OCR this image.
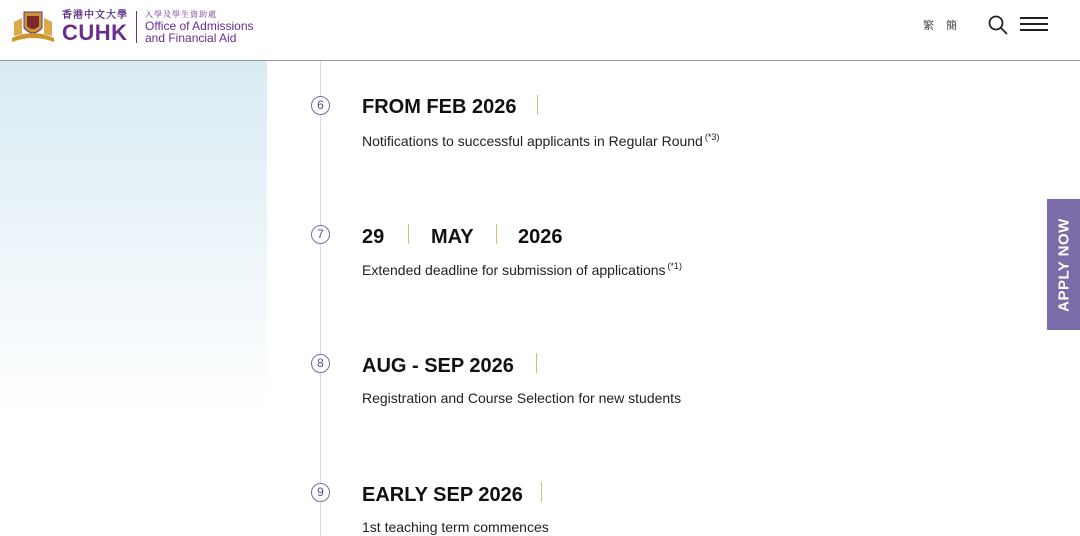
香港中文大學
CUHK
入學及學生資助處
Office of Admissions
and Financial Aid
繁 簡
6	FROM FEB 2026
Notifications to successful applicants in Regular Round $^{(*3)}$
7	29 MAY 2026
Extended deadline for submission of applications $^{(*1)}$
8	AUG - SEP 2026
Registration and Course Selection for new students
9	EARLY SEP 2026
1st teaching term commences
APPLY NOW
